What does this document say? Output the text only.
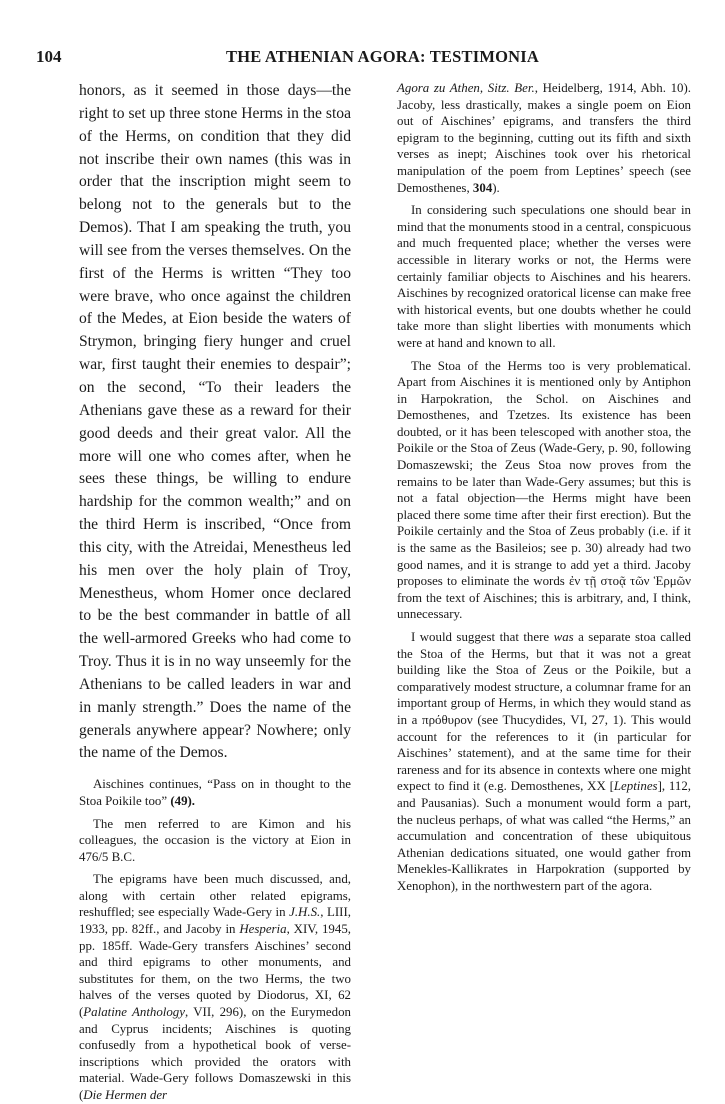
104	THE ATHENIAN AGORA: TESTIMONIA

honors, as it seemed in those days—the right to set up three stone Herms in the stoa of the Herms, on condition that they did not inscribe their own names (this was in order that the inscription might seem to belong not to the generals but to the Demos). That I am speaking the truth, you will see from the verses themselves. On the first of the Herms is written “They too were brave, who once against the children of the Medes, at Eion beside the waters of Strymon, bringing fiery hunger and cruel war, first taught their enemies to despair”; on the second, “To their leaders the Athenians gave these as a reward for their good deeds and their great valor. All the more will one who comes after, when he sees these things, be willing to endure hardship for the common wealth;” and on the third Herm is inscribed, “Once from this city, with the Atreidai, Menestheus led his men over the holy plain of Troy, Menestheus, whom Homer once declared to be the best commander in battle of all the well-armored Greeks who had come to Troy. Thus it is in no way unseemly for the Athenians to be called leaders in war and in manly strength.” Does the name of the generals anywhere appear? Nowhere; only the name of the Demos.

Aischines continues, “Pass on in thought to the Stoa Poikile too” (49).

The men referred to are Kimon and his colleagues, the occasion is the victory at Eion in 476/5 B.C.

The epigrams have been much discussed, and, along with certain other related epigrams, reshuffled; see especially Wade-Gery in J.H.S., LIII, 1933, pp. 82ff., and Jacoby in Hesperia, XIV, 1945, pp. 185ff. Wade-Gery transfers Aischines’ second and third epigrams to other monuments, and substitutes for them, on the two Herms, the two halves of the verses quoted by Diodorus, XI, 62 (Palatine Anthology, VII, 296), on the Eurymedon and Cyprus incidents; Aischines is quoting confusedly from a hypothetical book of verse-inscriptions which provided the orators with material. Wade-Gery follows Domaszewski in this (Die Hermen der

Agora zu Athen, Sitz. Ber., Heidelberg, 1914, Abh. 10). Jacoby, less drastically, makes a single poem on Eion out of Aischines’ epigrams, and transfers the third epigram to the beginning, cutting out its fifth and sixth verses as inept; Aischines took over his rhetorical manipulation of the poem from Leptines’ speech (see Demosthenes, 304).

In considering such speculations one should bear in mind that the monuments stood in a central, conspicuous and much frequented place; whether the verses were accessible in literary works or not, the Herms were certainly familiar objects to Aischines and his hearers. Aischines by recognized oratorical license can make free with historical events, but one doubts whether he could take more than slight liberties with monuments which were at hand and known to all.

The Stoa of the Herms too is very problematical. Apart from Aischines it is mentioned only by Antiphon in Harpokration, the Schol. on Aischines and Demosthenes, and Tzetzes. Its existence has been doubted, or it has been telescoped with another stoa, the Poikile or the Stoa of Zeus (Wade-Gery, p. 90, following Domaszewski; the Zeus Stoa now proves from the remains to be later than Wade-Gery assumes; but this is not a fatal objection—the Herms might have been placed there some time after their first erection). But the Poikile certainly and the Stoa of Zeus probably (i.e. if it is the same as the Basileios; see p. 30) already had two good names, and it is strange to add yet a third. Jacoby proposes to eliminate the words ἐν τῇ στοᾷ τῶν Ἑρμῶν from the text of Aischines; this is arbitrary, and, I think, unnecessary.

I would suggest that there was a separate stoa called the Stoa of the Herms, but that it was not a great building like the Stoa of Zeus or the Poikile, but a comparatively modest structure, a columnar frame for an important group of Herms, in which they would stand as in a πρόθυρον (see Thucydides, VI, 27, 1). This would account for the references to it (in particular for Aischines’ statement), and at the same time for their rareness and for its absence in contexts where one might expect to find it (e.g. Demosthenes, XX [Leptines], 112, and Pausanias). Such a monument would form a part, the nucleus perhaps, of what was called “the Herms,” an accumulation and concentration of these ubiquitous Athenian dedications situated, one would gather from Menekles-Kallikrates in Harpokration (supported by Xenophon), in the northwestern part of the agora.
